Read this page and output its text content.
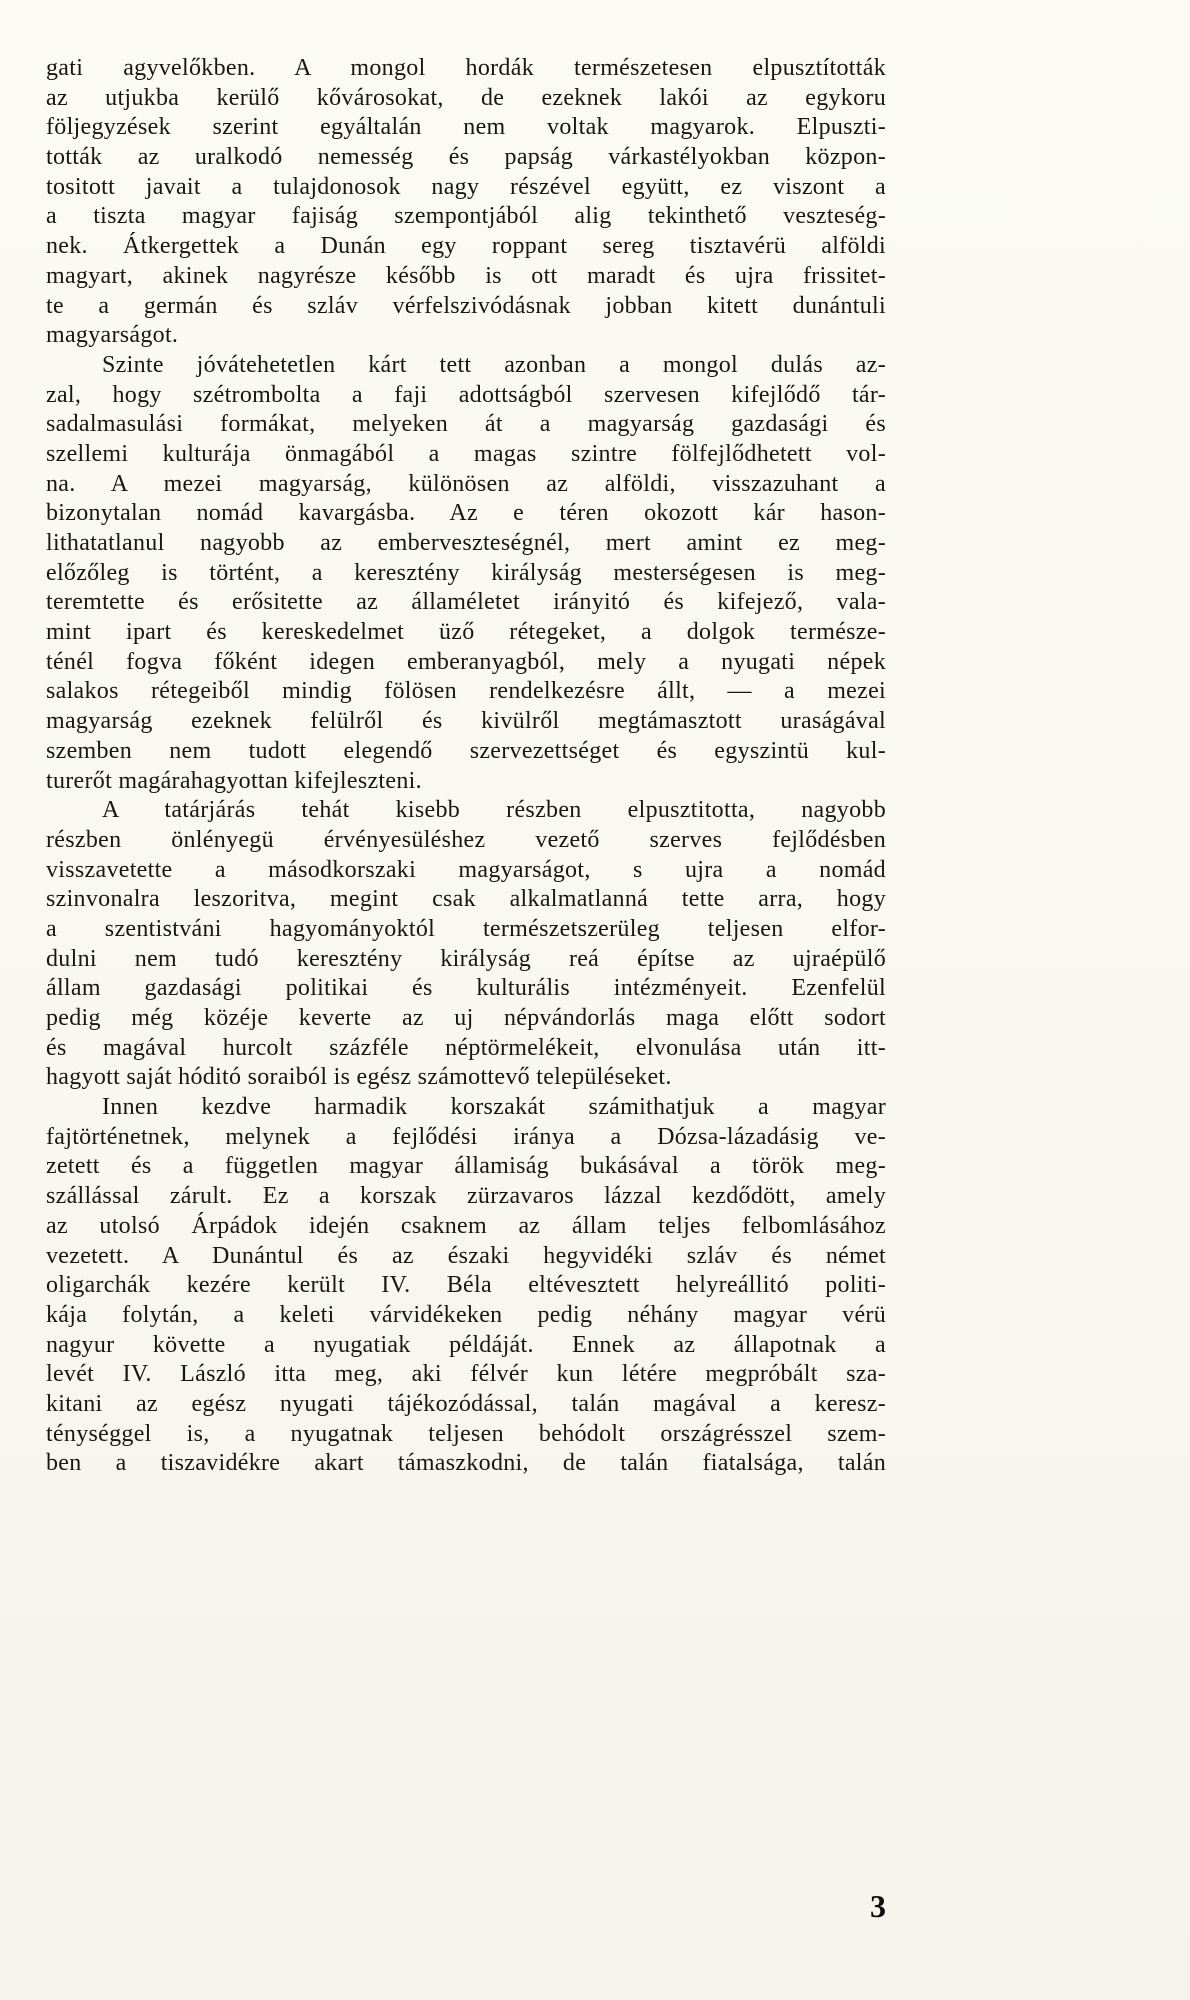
gati agyvelőkben. A mongol hordák természetesen elpusztították
az utjukba kerülő kővárosokat, de ezeknek lakói az egykoru
följegyzések szerint egyáltalán nem voltak magyarok. Elpuszti-
tották az uralkodó nemesség és papság várkastélyokban közpon-
tositott javait a tulajdonosok nagy részével együtt, ez viszont a
a tiszta magyar fajiság szempontjából alig tekinthető veszteség-
nek. Átkergettek a Dunán egy roppant sereg tisztavérü alföldi
magyart, akinek nagyrésze később is ott maradt és ujra frissitet-
te a germán és szláv vérfelszivódásnak jobban kitett dunántuli
magyarságot.
Szinte jóvátehetetlen kárt tett azonban a mongol dulás az-
zal, hogy szétrombolta a faji adottságból szervesen kifejlődő tár-
sadalmasulási formákat, melyeken át a magyarság gazdasági és
szellemi kulturája önmagából a magas szintre fölfejlődhetett vol-
na. A mezei magyarság, különösen az alföldi, visszazuhant a
bizonytalan nomád kavargásba. Az e téren okozott kár hason-
lithatatlanul nagyobb az emberveszteségnél, mert amint ez meg-
előzőleg is történt, a keresztény királyság mesterségesen is meg-
teremtette és erősitette az államéletet irányitó és kifejező, vala-
mint ipart és kereskedelmet üző rétegeket, a dolgok természe-
ténél fogva főként idegen emberanyagból, mely a nyugati népek
salakos rétegeiből mindig fölösen rendelkezésre állt, — a mezei
magyarság ezeknek felülről és kivülről megtámasztott uraságával
szemben nem tudott elegendő szervezettséget és egyszintü kul-
turerőt magárahagyottan kifejleszteni.
A tatárjárás tehát kisebb részben elpusztitotta, nagyobb
részben önlényegü érvényesüléshez vezető szerves fejlődésben
visszavetette a másodkorszaki magyarságot, s ujra a nomád
szinvonalra leszoritva, megint csak alkalmatlanná tette arra, hogy
a szentistváni hagyományoktól természetszerüleg teljesen elfor-
dulni nem tudó keresztény királyság reá építse az ujraépülő
állam gazdasági politikai és kulturális intézményeit. Ezenfelül
pedig még közéje keverte az uj népvándorlás maga előtt sodort
és magával hurcolt százféle néptörmelékeit, elvonulása után itt-
hagyott saját hóditó soraiból is egész számottevő településeket.
Innen kezdve harmadik korszakát számithatjuk a magyar
fajtörténetnek, melynek a fejlődési iránya a Dózsa-lázadásig ve-
zetett és a független magyar államiság bukásával a török meg-
szállással zárult. Ez a korszak zürzavaros lázzal kezdődött, amely
az utolsó Árpádok idején csaknem az állam teljes felbomlásához
vezetett. A Dunántul és az északi hegyvidéki szláv és német
oligarchák kezére került IV. Béla eltévesztett helyreállitó politi-
kája folytán, a keleti várvidékeken pedig néhány magyar vérü
nagyur követte a nyugatiak példáját. Ennek az állapotnak a
levét IV. László itta meg, aki félvér kun létére megpróbált sza-
kitani az egész nyugati tájékozódással, talán magával a keresz-
ténységgel is, a nyugatnak teljesen behódolt országrésszel szem-
ben a tiszavidékre akart támaszkodni, de talán fiatalsága, talán
3
